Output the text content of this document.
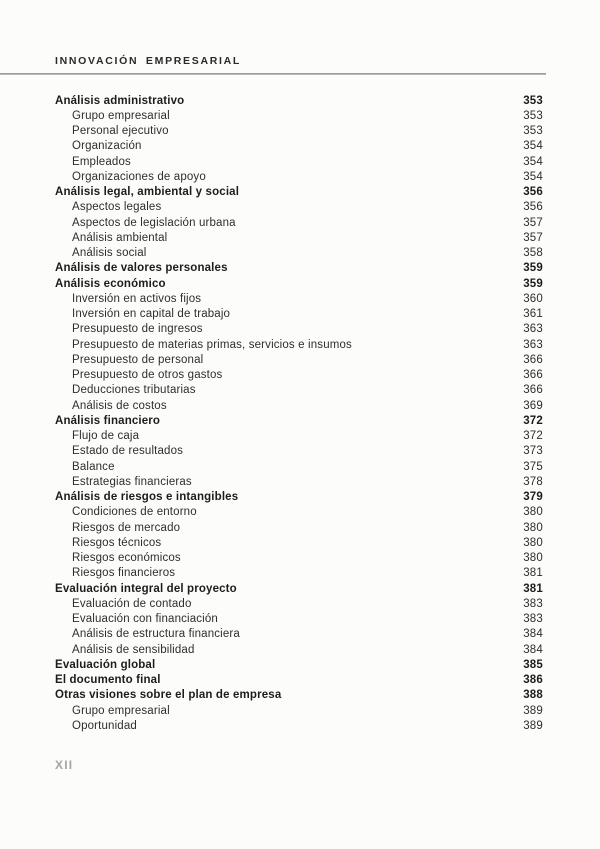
INNOVACIÓN EMPRESARIAL
Análisis administrativo	353
Grupo empresarial	353
Personal ejecutivo	353
Organización	354
Empleados	354
Organizaciones de apoyo	354
Análisis legal, ambiental y social	356
Aspectos legales	356
Aspectos de legislación urbana	357
Análisis ambiental	357
Análisis social	358
Análisis de valores personales	359
Análisis económico	359
Inversión en activos fijos	360
Inversión en capital de trabajo	361
Presupuesto de ingresos	363
Presupuesto de materias primas, servicios e insumos	363
Presupuesto de personal	366
Presupuesto de otros gastos	366
Deducciones tributarias	366
Análisis de costos	369
Análisis financiero	372
Flujo de caja	372
Estado de resultados	373
Balance	375
Estrategias financieras	378
Análisis de riesgos e intangibles	379
Condiciones de entorno	380
Riesgos de mercado	380
Riesgos técnicos	380
Riesgos económicos	380
Riesgos financieros	381
Evaluación integral del proyecto	381
Evaluación de contado	383
Evaluación con financiación	383
Análisis de estructura financiera	384
Análisis de sensibilidad	384
Evaluación global	385
El documento final	386
Otras visiones sobre el plan de empresa	388
Grupo empresarial	389
Oportunidad	389
XII
